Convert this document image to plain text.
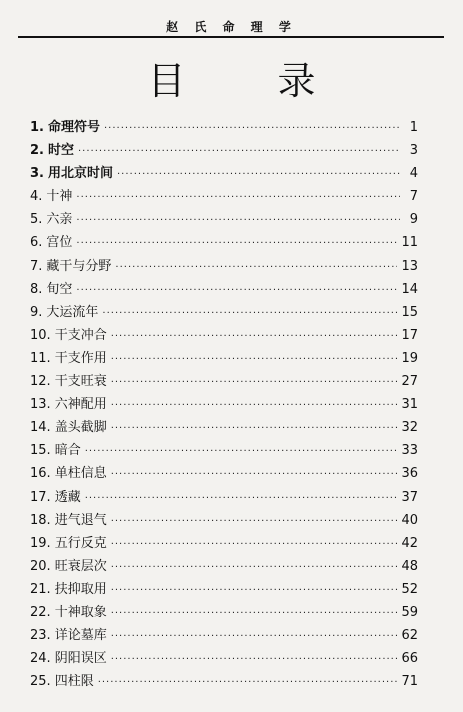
赵 氏 命 理 学
目 录
1. 命理符号 ·····	1
2. 时空 ·····	3
3. 用北京时间 ·····	4
4. 十神 ·····	7
5. 六亲 ·····	9
6. 宫位 ·····	11
7. 藏干与分野 ·····	13
8. 旬空 ·····	14
9. 大运流年 ·····	15
10. 干支冲合 ·····	17
11. 干支作用 ·····	19
12. 干支旺衰 ·····	27
13. 六神配用 ·····	31
14. 盖头截脚 ·····	32
15. 暗合 ·····	33
16. 单柱信息 ·····	36
17. 透藏 ·····	37
18. 进气退气 ·····	40
19. 五行反克 ·····	42
20. 旺衰层次 ·····	48
21. 扶抑取用 ·····	52
22. 十神取象 ·····	59
23. 详论墓库 ·····	62
24. 阴阳误区 ·····	66
25. 四柱限 ·····	71
